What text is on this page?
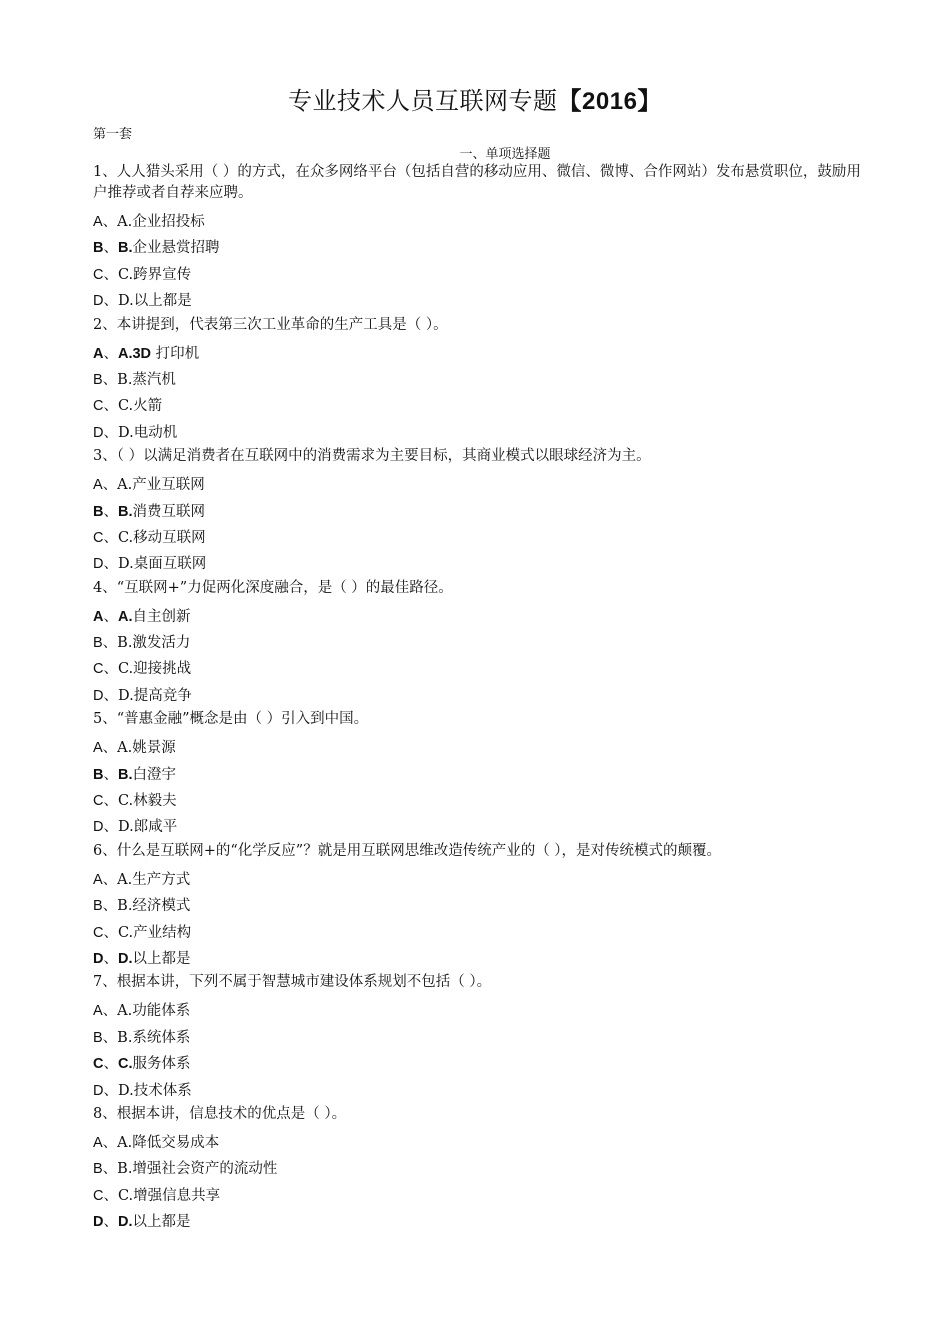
专业技术人员互联网专题【2016】
第一套
一、单项选择题
1、人人猎头采用（ ）的方式，在众多网络平台（包括自营的移动应用、微信、微博、合作网站）发布悬赏职位，鼓励用户推荐或者自荐来应聘。
A、A.企业招投标
B、B.企业悬赏招聘
C、C.跨界宣传
D、D.以上都是
2、本讲提到，代表第三次工业革命的生产工具是（ ）。
A、A.3D 打印机
B、B.蒸汽机
C、C.火箭
D、D.电动机
3、（ ）以满足消费者在互联网中的消费需求为主要目标，其商业模式以眼球经济为主。
A、A.产业互联网
B、B.消费互联网
C、C.移动互联网
D、D.桌面互联网
4、“互联网+”力促两化深度融合，是（ ）的最佳路径。
A、A.自主创新
B、B.激发活力
C、C.迎接挑战
D、D.提高竞争
5、“普惠金融”概念是由（ ）引入到中国。
A、A.姚景源
B、B.白澄宇
C、C.林毅夫
D、D.郎咸平
6、什么是互联网+的“化学反应”？就是用互联网思维改造传统产业的（ ），是对传统模式的颠覆。
A、A.生产方式
B、B.经济模式
C、C.产业结构
D、D.以上都是
7、根据本讲，下列不属于智慧城市建设体系规划不包括（ ）。
A、A.功能体系
B、B.系统体系
C、C.服务体系
D、D.技术体系
8、根据本讲，信息技术的优点是（ ）。
A、A.降低交易成本
B、B.增强社会资产的流动性
C、C.增强信息共享
D、D.以上都是
